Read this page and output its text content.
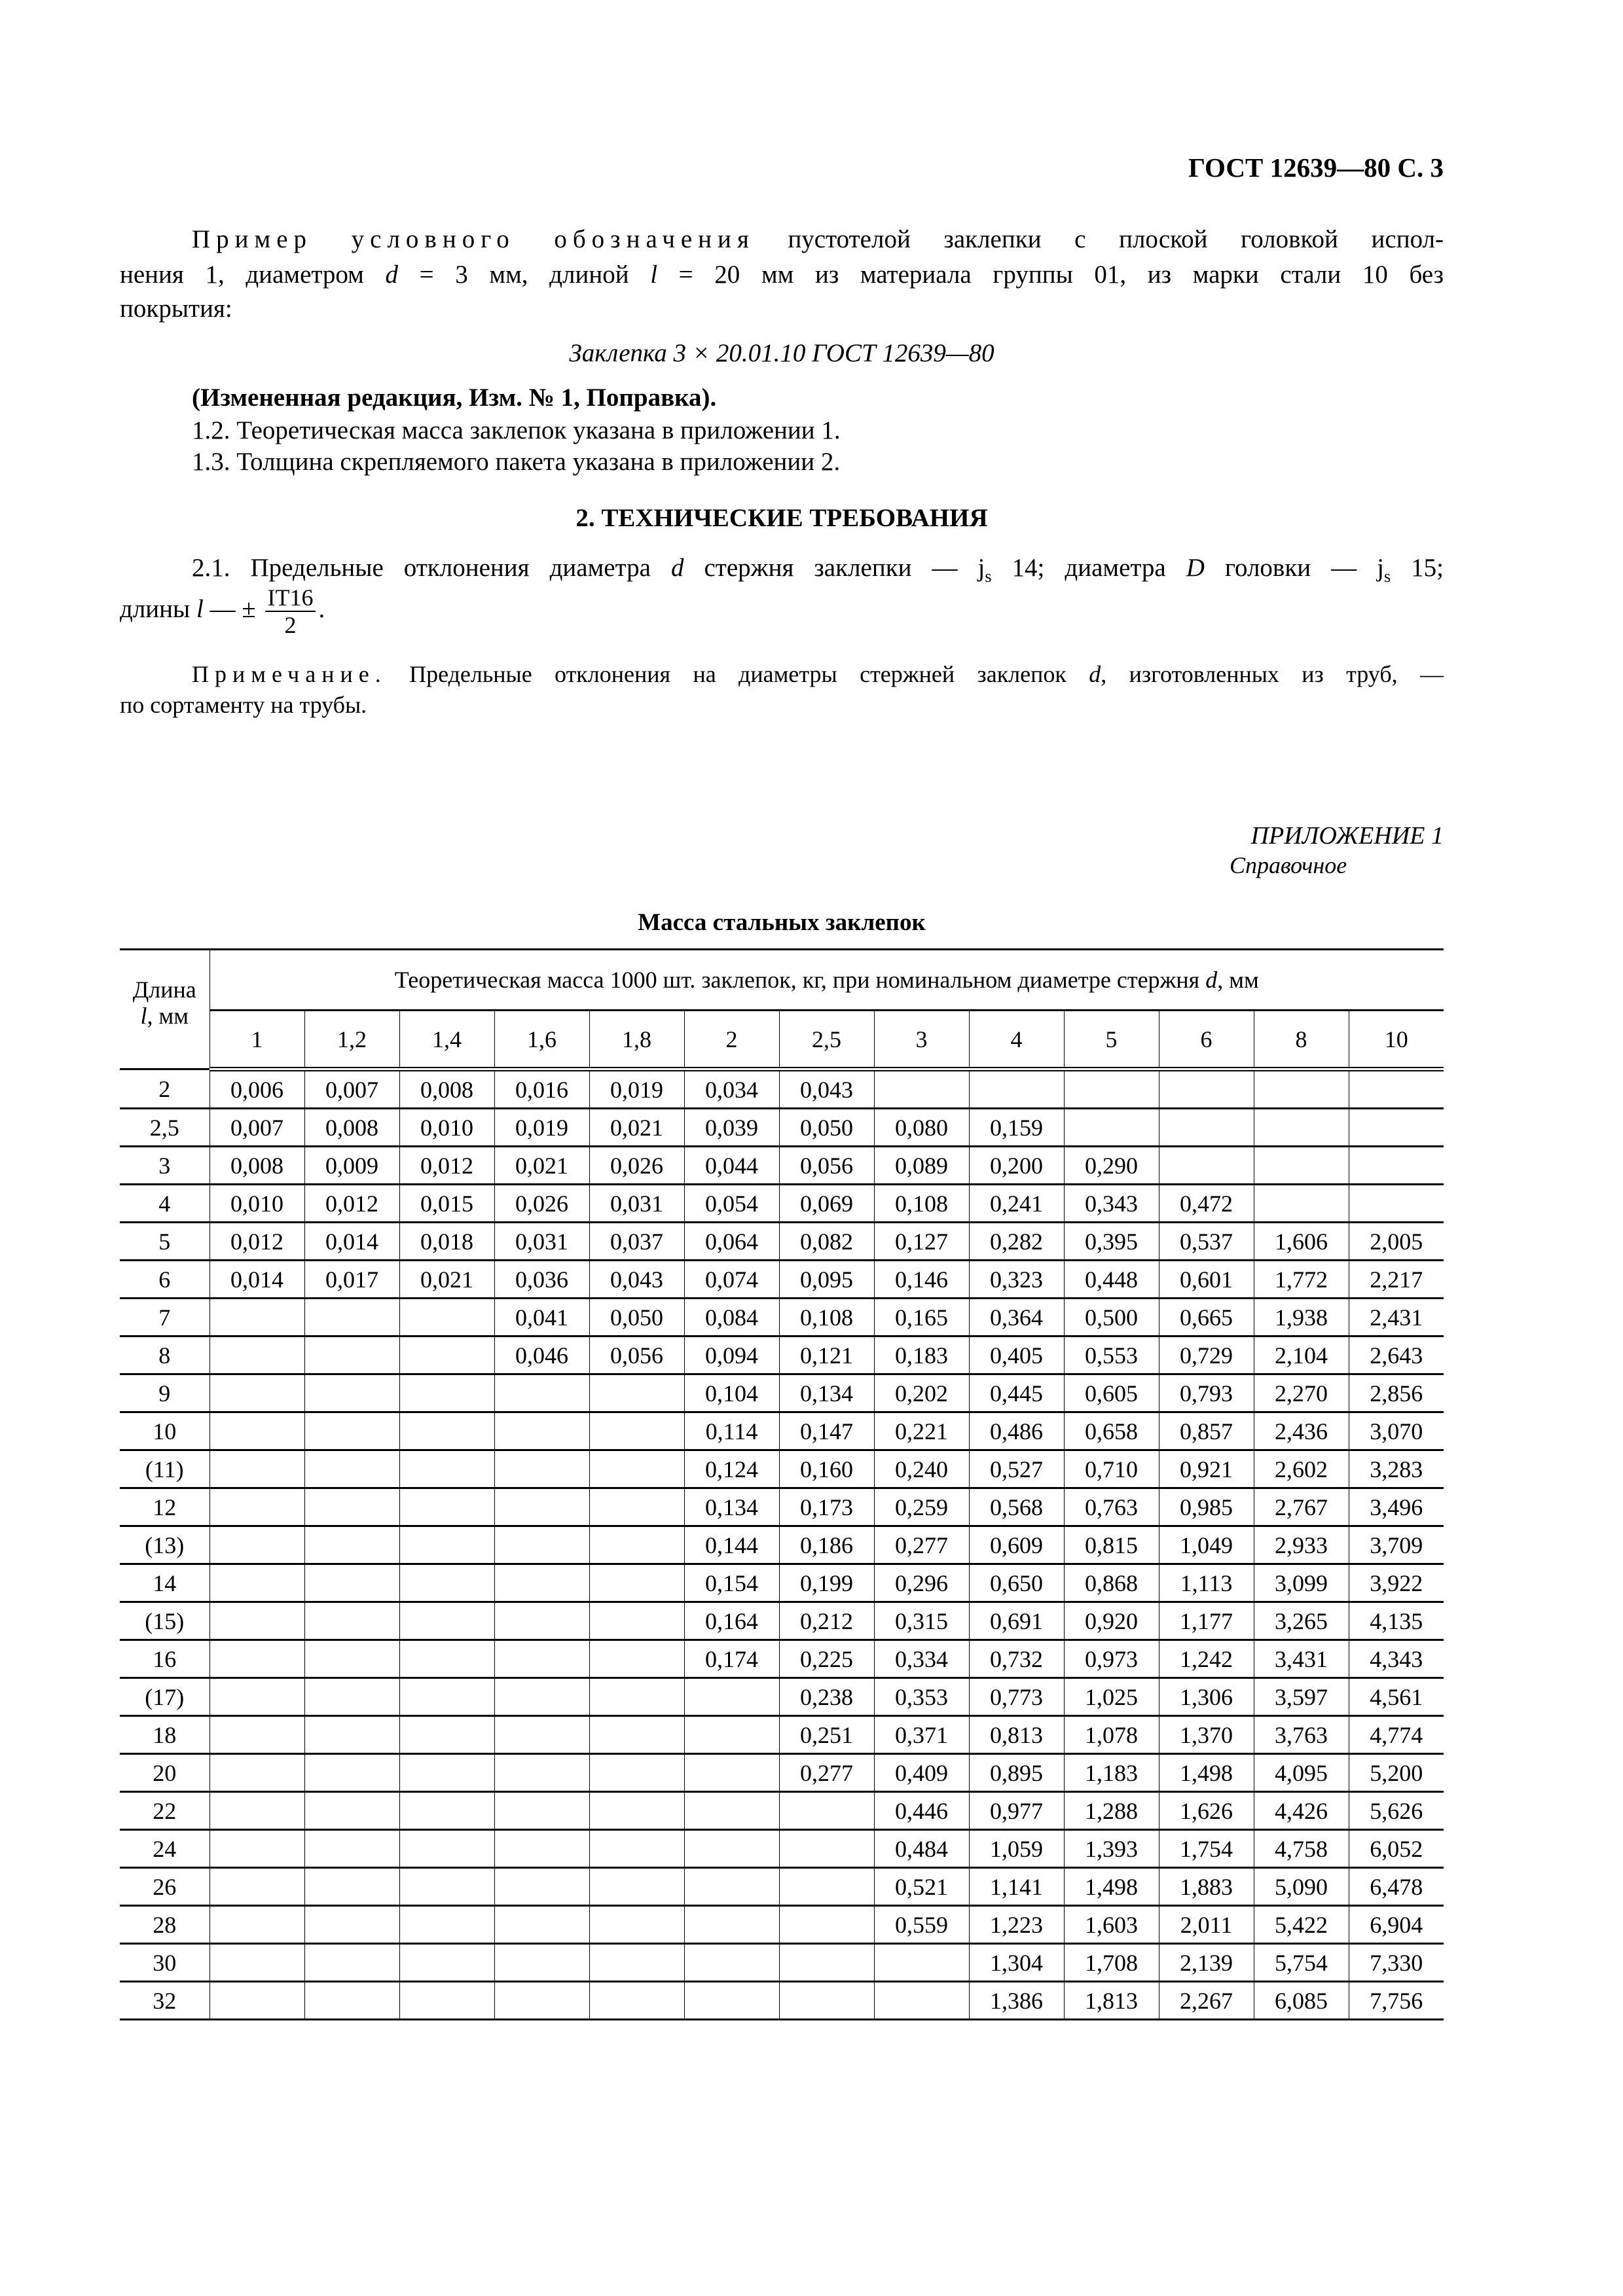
ГОСТ 12639—80 С. 3
Пример условного обозначения пустотелой заклепки с плоской головкой испол-
нения 1, диаметром d = 3 мм, длиной l = 20 мм из материала группы 01, из марки стали 10 без
покрытия:
Заклепка 3 × 20.01.10 ГОСТ 12639—80
(Измененная редакция, Изм. № 1, Поправка).
1.2. Теоретическая масса заклепок указана в приложении 1.
1.3. Толщина скрепляемого пакета указана в приложении 2.
2. ТЕХНИЧЕСКИЕ ТРЕБОВАНИЯ
2.1. Предельные отклонения диаметра d стержня заклепки — $j_s$ 14; диаметра D головки — $j_s$ 15;
длины l — ± $\frac{IT16}{2}$ .
Примечание. Предельные отклонения на диаметры стержней заклепок d, изготовленных из труб, —
по сортаменту на трубы.
ПРИЛОЖЕНИЕ 1
Справочное
Масса стальных заклепок
Длина
l, мм	Теоретическая масса 1000 шт. заклепок, кг, при номинальном диаметре стержня d, мм												
	1	1,2	1,4	1,6	1,8	2	2,5	3	4	5	6	8	10
2	0,006	0,007	0,008	0,016	0,019	0,034	0,043						
2,5	0,007	0,008	0,010	0,019	0,021	0,039	0,050	0,080	0,159				
3	0,008	0,009	0,012	0,021	0,026	0,044	0,056	0,089	0,200	0,290			
4	0,010	0,012	0,015	0,026	0,031	0,054	0,069	0,108	0,241	0,343	0,472		
5	0,012	0,014	0,018	0,031	0,037	0,064	0,082	0,127	0,282	0,395	0,537	1,606	2,005
6	0,014	0,017	0,021	0,036	0,043	0,074	0,095	0,146	0,323	0,448	0,601	1,772	2,217
7				0,041	0,050	0,084	0,108	0,165	0,364	0,500	0,665	1,938	2,431
8				0,046	0,056	0,094	0,121	0,183	0,405	0,553	0,729	2,104	2,643
9						0,104	0,134	0,202	0,445	0,605	0,793	2,270	2,856
10						0,114	0,147	0,221	0,486	0,658	0,857	2,436	3,070
(11)						0,124	0,160	0,240	0,527	0,710	0,921	2,602	3,283
12						0,134	0,173	0,259	0,568	0,763	0,985	2,767	3,496
(13)						0,144	0,186	0,277	0,609	0,815	1,049	2,933	3,709
14						0,154	0,199	0,296	0,650	0,868	1,113	3,099	3,922
(15)						0,164	0,212	0,315	0,691	0,920	1,177	3,265	4,135
16						0,174	0,225	0,334	0,732	0,973	1,242	3,431	4,343
(17)							0,238	0,353	0,773	1,025	1,306	3,597	4,561
18							0,251	0,371	0,813	1,078	1,370	3,763	4,774
20							0,277	0,409	0,895	1,183	1,498	4,095	5,200
22								0,446	0,977	1,288	1,626	4,426	5,626
24								0,484	1,059	1,393	1,754	4,758	6,052
26								0,521	1,141	1,498	1,883	5,090	6,478
28								0,559	1,223	1,603	2,011	5,422	6,904
30									1,304	1,708	2,139	5,754	7,330
32									1,386	1,813	2,267	6,085	7,756
